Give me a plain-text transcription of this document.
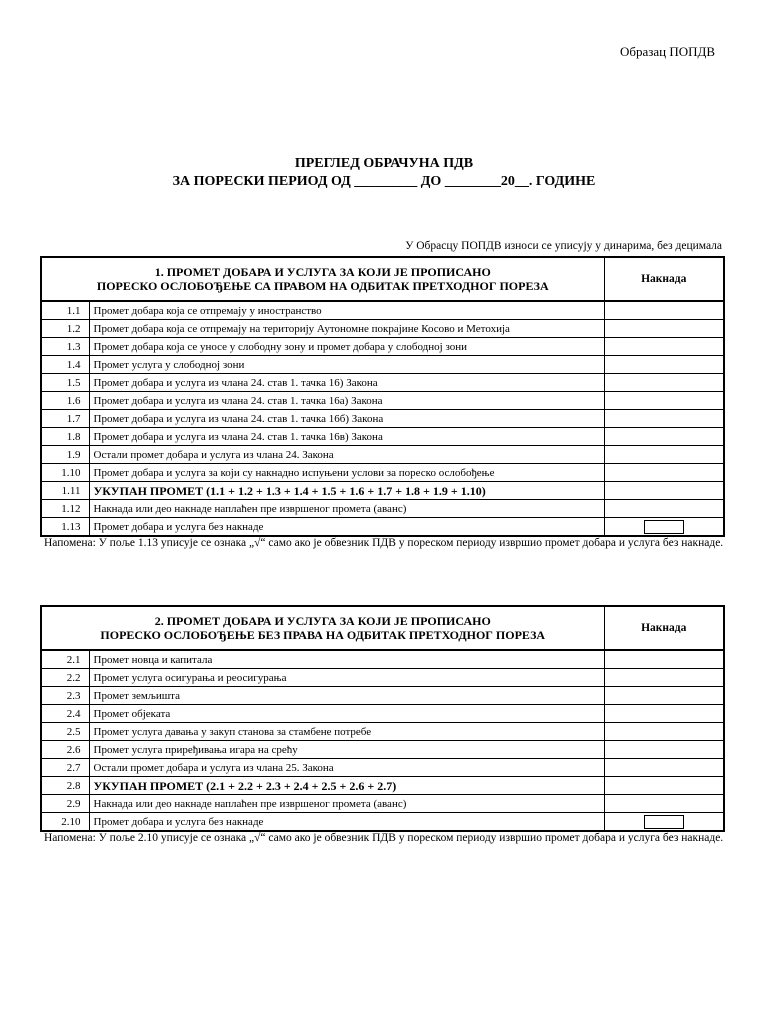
Образац ПОПДВ
ПРЕГЛЕД ОБРАЧУНА ПДВ
ЗА ПОРЕСКИ ПЕРИОД ОД _________ ДО ________20__. ГОДИНЕ
У Обрасцу ПОПДВ износи се уписују у динарима, без децимала
1. ПРОМЕТ ДОБАРА И УСЛУГА ЗА КОЈИ ЈЕ ПРОПИСАНО
ПОРЕСКО ОСЛОБОЂЕЊЕ СА ПРАВОМ НА ОДБИТАК ПРЕТХОДНОГ ПОРЕЗА		Накнада
1.1	Промет добара која се отпремају у иностранство	
1.2	Промет добара која се отпремају на територију Аутономне покрајине Косово и Метохија	
1.3	Промет добара која се уносе у слободну зону и промет добара у слободној зони	
1.4	Промет услуга у слободној зони	
1.5	Промет добара и услуга из члана 24. став 1. тачка 16) Закона	
1.6	Промет добара и услуга из члана 24. став 1. тачка 16а) Закона	
1.7	Промет добара и услуга из члана 24. став 1. тачка 16б) Закона	
1.8	Промет добара и услуга из члана 24. став 1. тачка 16в) Закона	
1.9	Остали промет добара и услуга из члана 24. Закона	
1.10	Промет добара и услуга за који су накнадно испуњени услови за пореско ослобођење	
1.11	УКУПАН ПРОМЕТ (1.1 + 1.2 + 1.3 + 1.4 + 1.5 + 1.6 + 1.7 + 1.8 + 1.9 + 1.10)	
1.12	Накнада или део накнаде наплаћен пре извршеног промета (аванс)	
1.13	Промет добара и услуга без накнаде	
Напомена: У поље 1.13 уписује се ознака „√“ само ако је обвезник ПДВ у пореском периоду извршио промет добара и услуга без накнаде.
2. ПРОМЕТ ДОБАРА И УСЛУГА ЗА КОЈИ ЈЕ ПРОПИСАНО
ПОРЕСКО ОСЛОБОЂЕЊЕ БЕЗ ПРАВА НА ОДБИТАК ПРЕТХОДНОГ ПОРЕЗА		Накнада
2.1	Промет новца и капитала	
2.2	Промет услуга осигурања и реосигурања	
2.3	Промет земљишта	
2.4	Промет објеката	
2.5	Промет услуга давања у закуп станова за стамбене потребе	
2.6	Промет услуга приређивања игара на срећу	
2.7	Остали промет добара и услуга из члана 25. Закона	
2.8	УКУПАН ПРОМЕТ (2.1 + 2.2 + 2.3 + 2.4 + 2.5 + 2.6 + 2.7)	
2.9	Накнада или део накнаде наплаћен пре извршеног промета (аванс)	
2.10	Промет добара и услуга без накнаде	
Напомена: У поље 2.10 уписује се ознака „√“ само ако је обвезник ПДВ у пореском периоду извршио промет добара и услуга без накнаде.
